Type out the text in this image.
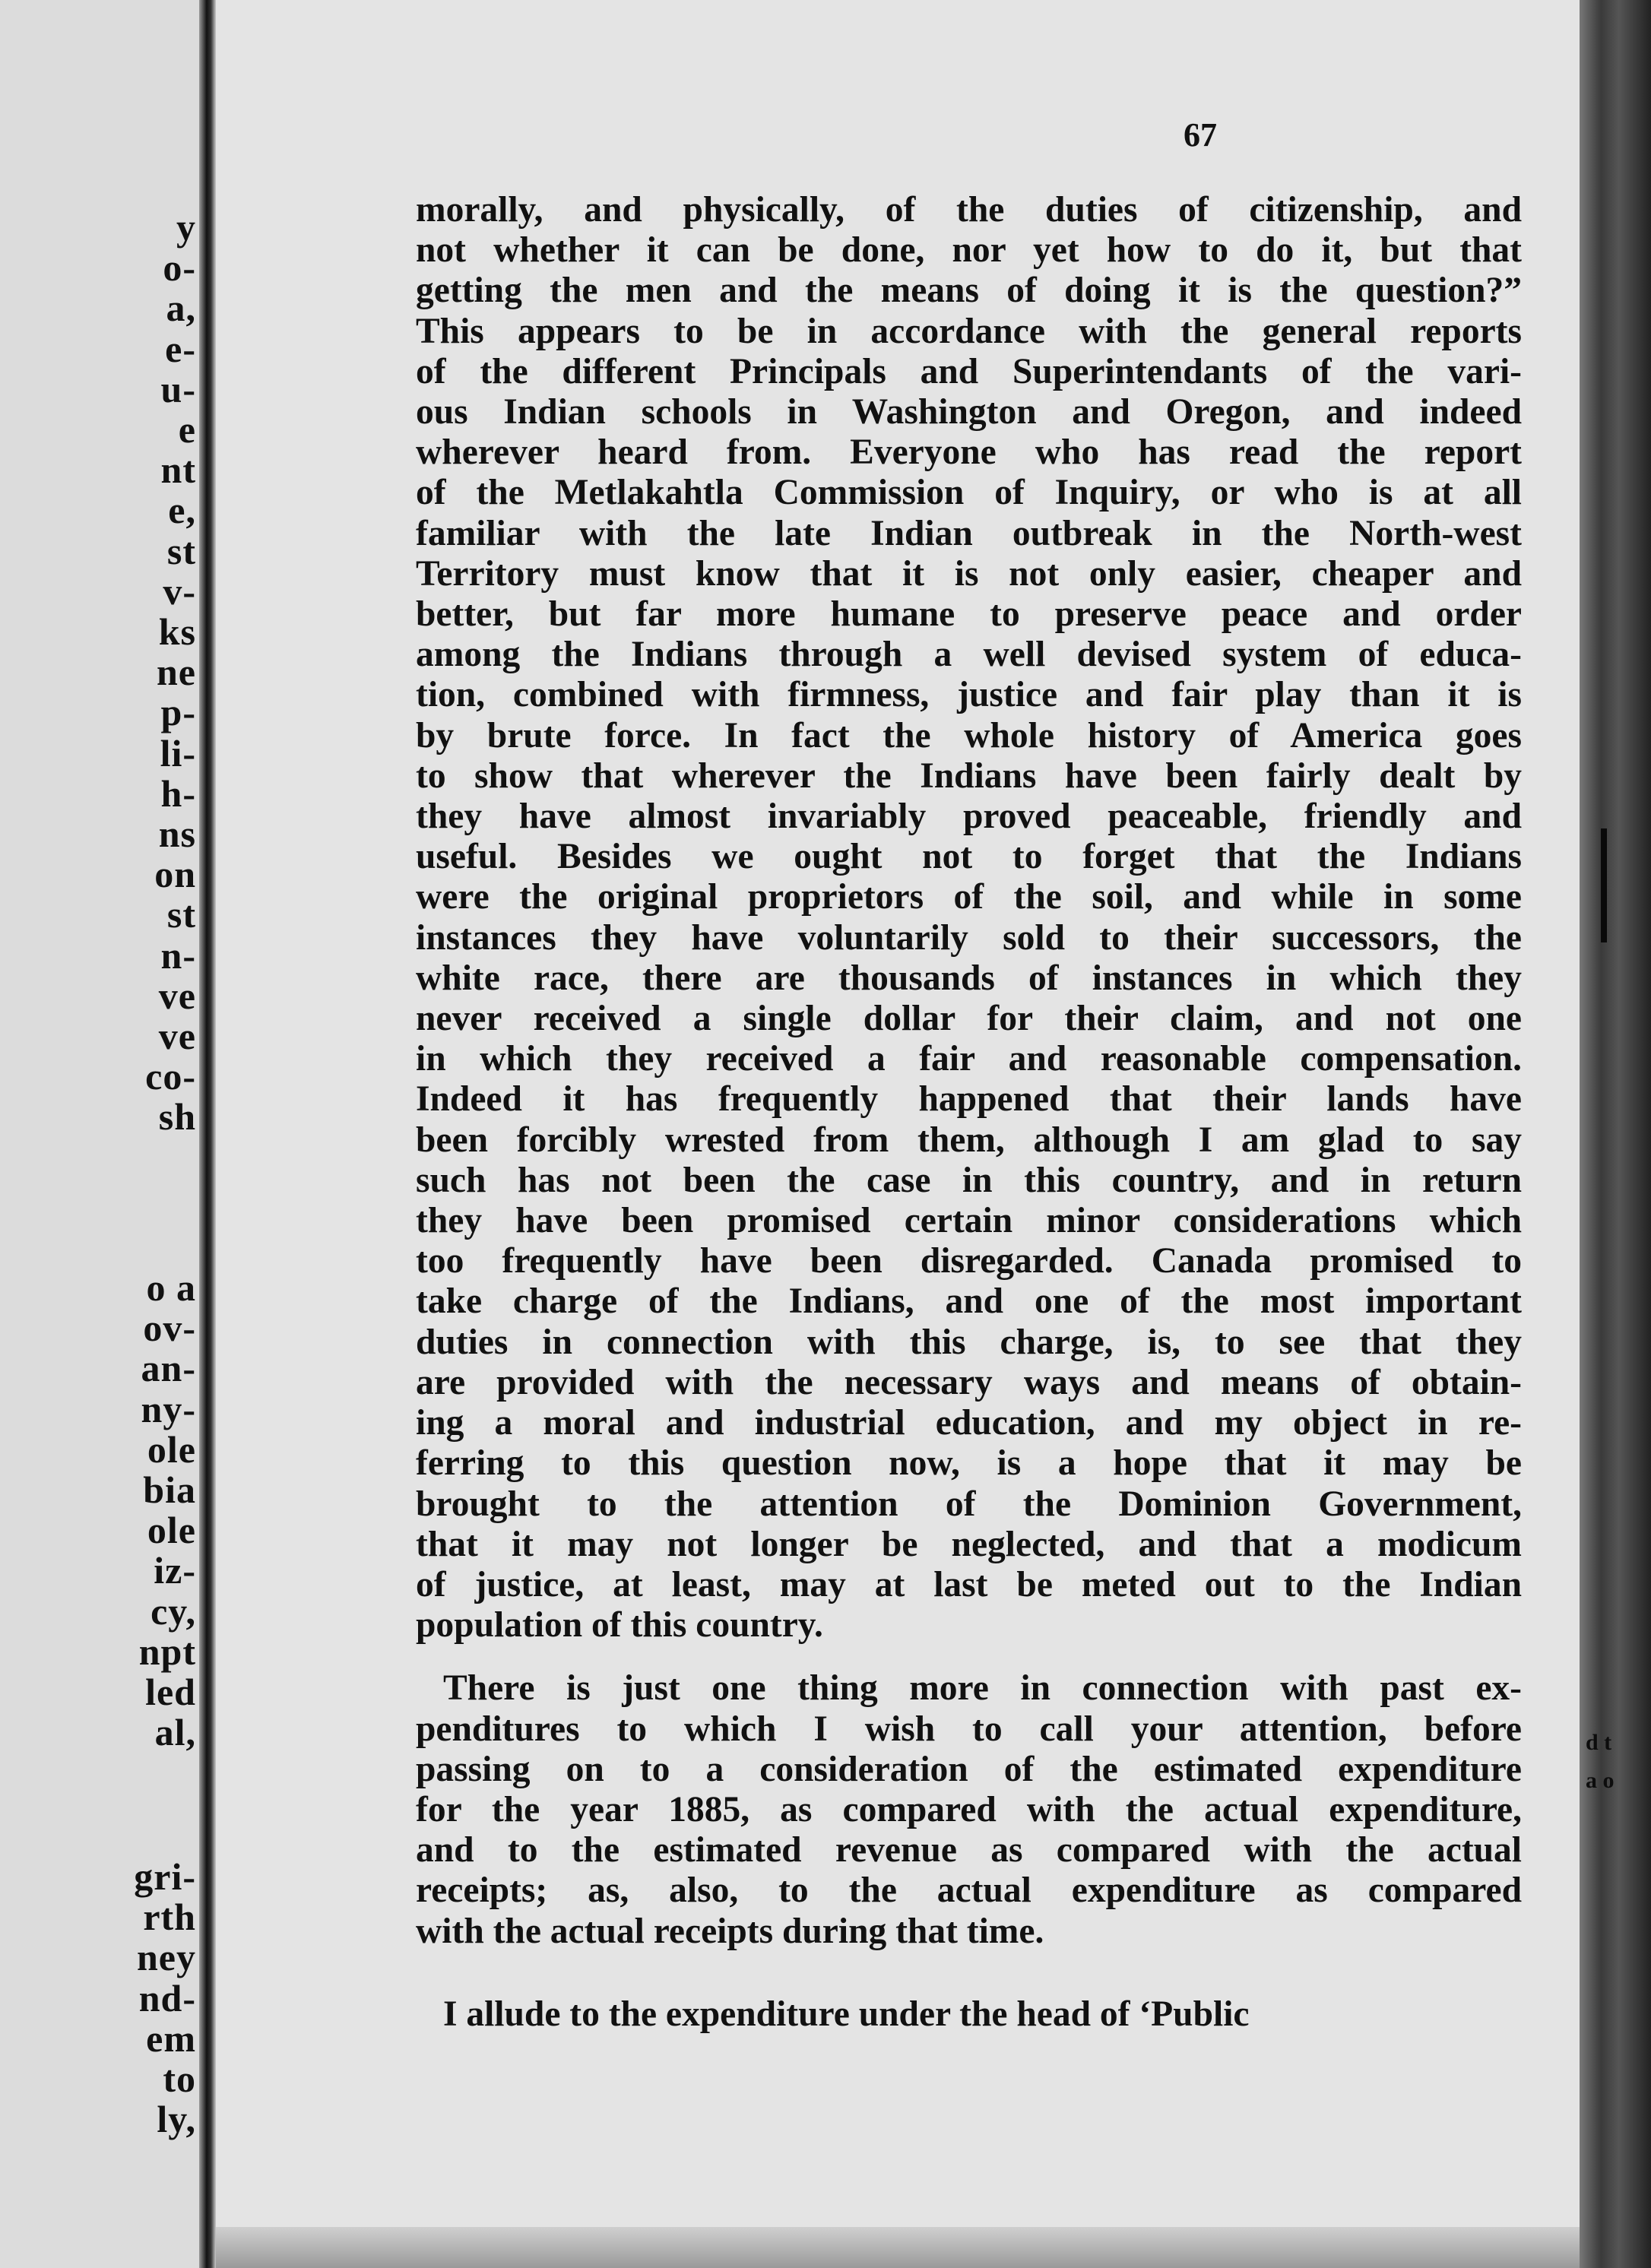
y
o-
a,
e-
u-
e
nt
e,
st
v-
ks
ne
p-
li-
h-
ns
on
st
n-
ve
ve
co-
sh
o a
ov-
an-
ny-
ole
bia
ole
iz-
cy,
npt
led
al,
gri-
rth
ney
nd-
em
to
ly,
67
morally, and physically, of the duties of citizenship, and
not whether it can be done, nor yet how to do it, but that
getting the men and the means of doing it is the question?”
This appears to be in accordance with the general reports
of the different Principals and Superintendants of the vari-
ous Indian schools in Washington and Oregon, and indeed
wherever heard from. Everyone who has read the report
of the Metlakahtla Commission of Inquiry, or who is at all
familiar with the late Indian outbreak in the North-west
Territory must know that it is not only easier, cheaper and
better, but far more humane to preserve peace and order
among the Indians through a well devised system of educa-
tion, combined with firmness, justice and fair play than it is
by brute force. In fact the whole history of America goes
to show that wherever the Indians have been fairly dealt by
they have almost invariably proved peaceable, friendly and
useful. Besides we ought not to forget that the Indians
were the original proprietors of the soil, and while in some
instances they have voluntarily sold to their successors, the
white race, there are thousands of instances in which they
never received a single dollar for their claim, and not one
in which they received a fair and reasonable compensation.
Indeed it has frequently happened that their lands have
been forcibly wrested from them, although I am glad to say
such has not been the case in this country, and in return
they have been promised certain minor considerations which
too frequently have been disregarded. Canada promised to
take charge of the Indians, and one of the most important
duties in connection with this charge, is, to see that they
are provided with the necessary ways and means of obtain-
ing a moral and industrial education, and my object in re-
ferring to this question now, is a hope that it may be
brought to the attention of the Dominion Government,
that it may not longer be neglected, and that a modicum
of justice, at least, may at last be meted out to the Indian
population of this country.
There is just one thing more in connection with past ex-
penditures to which I wish to call your attention, before
passing on to a consideration of the estimated expenditure
for the year 1885, as compared with the actual expenditure,
and to the estimated revenue as compared with the actual
receipts; as, also, to the actual expenditure as compared
with the actual receipts during that time.
I allude to the expenditure under the head of ‘Public
d t
a o
